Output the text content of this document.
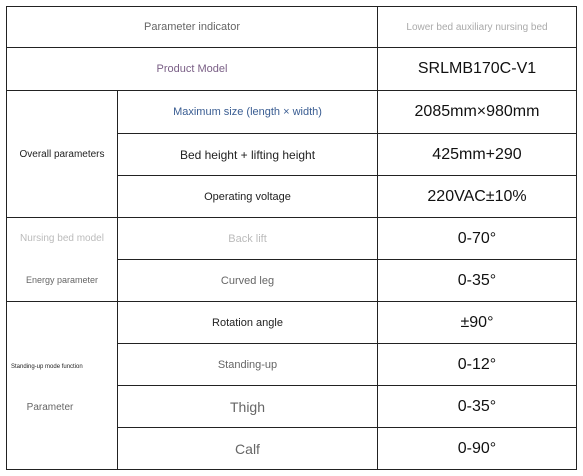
Parameter indicator	Lower bed auxiliary nursing bed
Product Model	SRLMB170C-V1
Overall parameters
Maximum size (length × width)	2085mm×980mm
Bed height + lifting height	425mm+290
Operating voltage	220VAC±10%
Nursing bed model
Energy parameter
Back lift	0-70°
Curved leg	0-35°
Standing-up mode function
Parameter
Rotation angle	±90°
Standing-up	0-12°
Thigh	0-35°
Calf	0-90°
